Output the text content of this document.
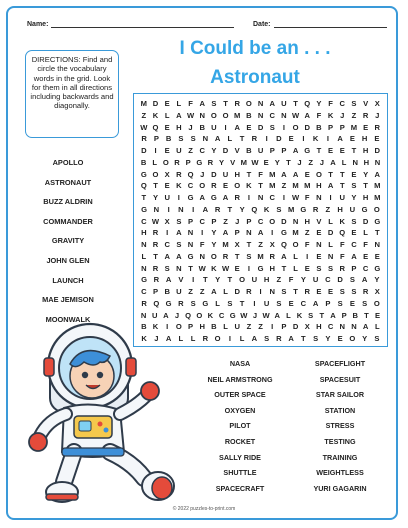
Name:	Date:
DIRECTIONS: Find and circle the vocabulary words in the grid. Look for them in all directions including backwards and diagonally.
I Could be an . . .
Astronaut
APOLLO
ASTRONAUT
BUZZ ALDRIN
COMMANDER
GRAVITY
JOHN GLEN
LAUNCH
MAE JEMISON
MOONWALK
M D E L F A S T R O N A U T Q Y F C S V X
Z K L A W N O O M B N C N W A F K J Z R J
W Q E H J B U	I	A E D S	I	O D B P P M E R
R P B S S N A L	T R	I	D E	I	K	I	A E H E
D	I	E U Z C Y D V B U P P A G T E E T H D
B L O R P G R Y V M W E Y T J Z J A L N H N
G O X R Q J D U H T F M A A E O T T E Y A
Q T E K C O R E O K T M Z M M H A T S T M
T Y U	I	G A G A R	I	N C	I W F N	I	U Y H M
G N	I	N	I	A R T Y Q K S M G R Z H U G O
C W X S P C P Z J P C O D N H V L K S D G
H R	I	A N	I	Y A P N A	I	G M Z E D Q E L T
N R C S N F Y M X T Z X Q O F N L F C F N
L T A A G N O R T S M R A L	I	E N F A E E
N R S N T W K W E	I	G H T L E S S R P C G
G R A V	I	T Y T O U H Z	F Y U C D S A Y
C P B U Z Z A L D R	I	N S T R E E S S R X
R Q G R S G L S T	I	U S E C A P S E S O
N U A J Q O K C G W J W A L K S T A P B T E
B K	I	O P H B L U Z Z	I	P D X H C N N A L
K J A L	L R O	I	L A S R A T S Y E O Y S
NASA
NEIL ARMSTRONG
OUTER SPACE
OXYGEN
PILOT
ROCKET
SALLY RIDE
SHUTTLE
SPACECRAFT
SPACEFLIGHT
SPACESUIT
STAR SAILOR
STATION
STRESS
TESTING
TRAINING
WEIGHTLESS
YURI GAGARIN
© 2022 puzzles-to-print.com
